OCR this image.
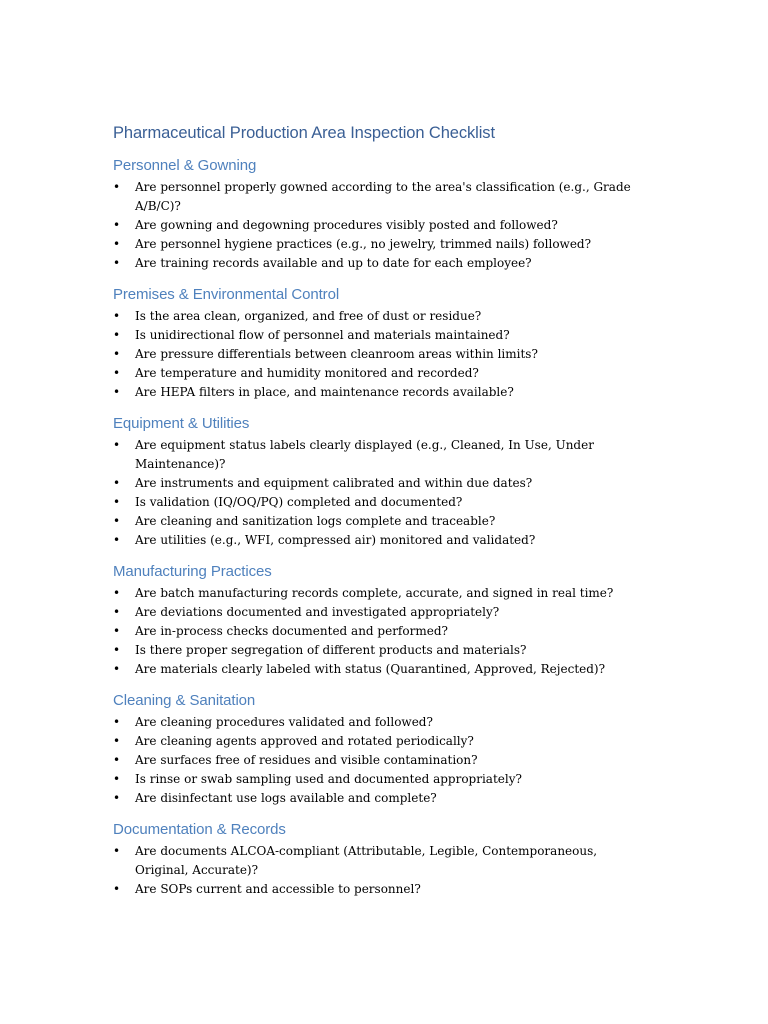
Pharmaceutical Production Area Inspection Checklist
Personnel & Gowning
• Are personnel properly gowned according to the area's classification (e.g., Grade A/B/C)?
• Are gowning and degowning procedures visibly posted and followed?
• Are personnel hygiene practices (e.g., no jewelry, trimmed nails) followed?
• Are training records available and up to date for each employee?
Premises & Environmental Control
• Is the area clean, organized, and free of dust or residue?
• Is unidirectional flow of personnel and materials maintained?
• Are pressure differentials between cleanroom areas within limits?
• Are temperature and humidity monitored and recorded?
• Are HEPA filters in place, and maintenance records available?
Equipment & Utilities
• Are equipment status labels clearly displayed (e.g., Cleaned, In Use, Under Maintenance)?
• Are instruments and equipment calibrated and within due dates?
• Is validation (IQ/OQ/PQ) completed and documented?
• Are cleaning and sanitization logs complete and traceable?
• Are utilities (e.g., WFI, compressed air) monitored and validated?
Manufacturing Practices
• Are batch manufacturing records complete, accurate, and signed in real time?
• Are deviations documented and investigated appropriately?
• Are in-process checks documented and performed?
• Is there proper segregation of different products and materials?
• Are materials clearly labeled with status (Quarantined, Approved, Rejected)?
Cleaning & Sanitation
• Are cleaning procedures validated and followed?
• Are cleaning agents approved and rotated periodically?
• Are surfaces free of residues and visible contamination?
• Is rinse or swab sampling used and documented appropriately?
• Are disinfectant use logs available and complete?
Documentation & Records
• Are documents ALCOA-compliant (Attributable, Legible, Contemporaneous, Original, Accurate)?
• Are SOPs current and accessible to personnel?
